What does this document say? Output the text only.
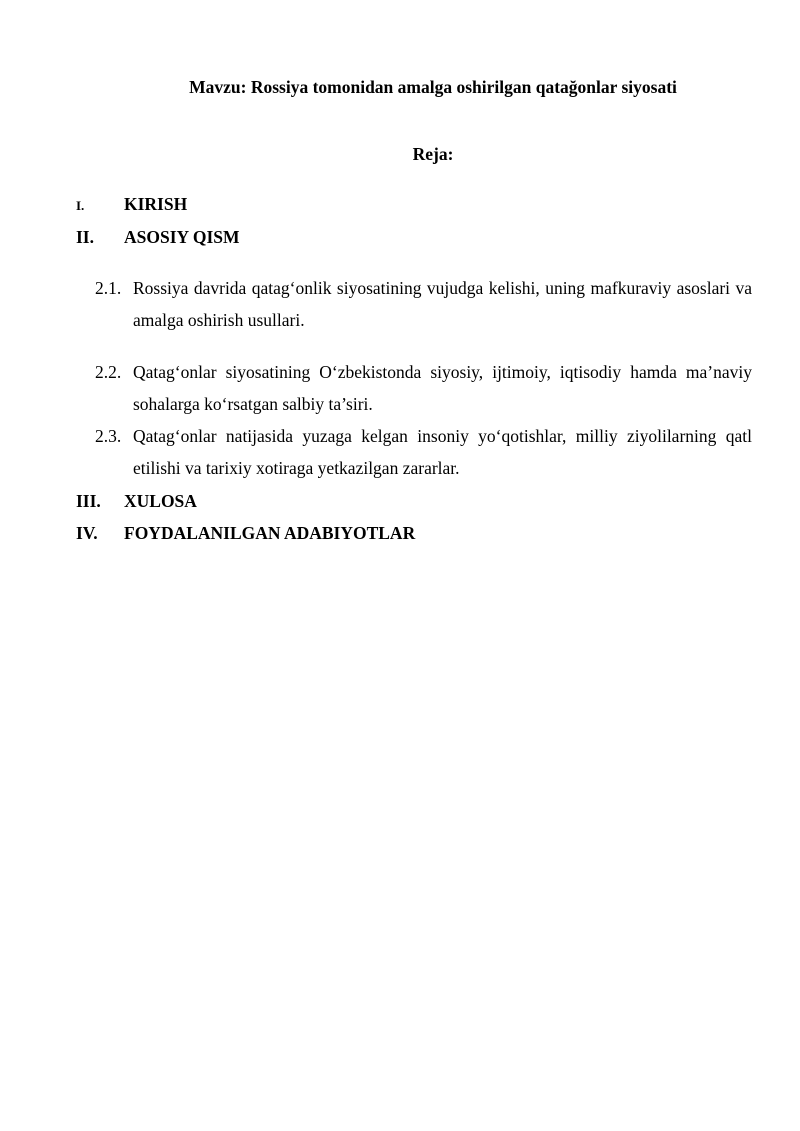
Mavzu: Rossiya tomonidan amalga oshirilgan qatağonlar siyosati
Reja:
I. KIRISH
II. ASOSIY QISM
2.1. Rossiya davrida qatag‘onlik siyosatining vujudga kelishi, uning mafkuraviy asoslari va amalga oshirish usullari.
2.2. Qatag‘onlar siyosatining O‘zbekistonda siyosiy, ijtimoiy, iqtisodiy hamda ma’naviy sohalarga ko‘rsatgan salbiy ta’siri.
2.3. Qatag‘onlar natijasida yuzaga kelgan insoniy yo‘qotishlar, milliy ziyolilarning qatl etilishi va tarixiy xotiraga yetkazilgan zararlar.
III. XULOSA
IV. FOYDALANILGAN ADABIYOTLAR
